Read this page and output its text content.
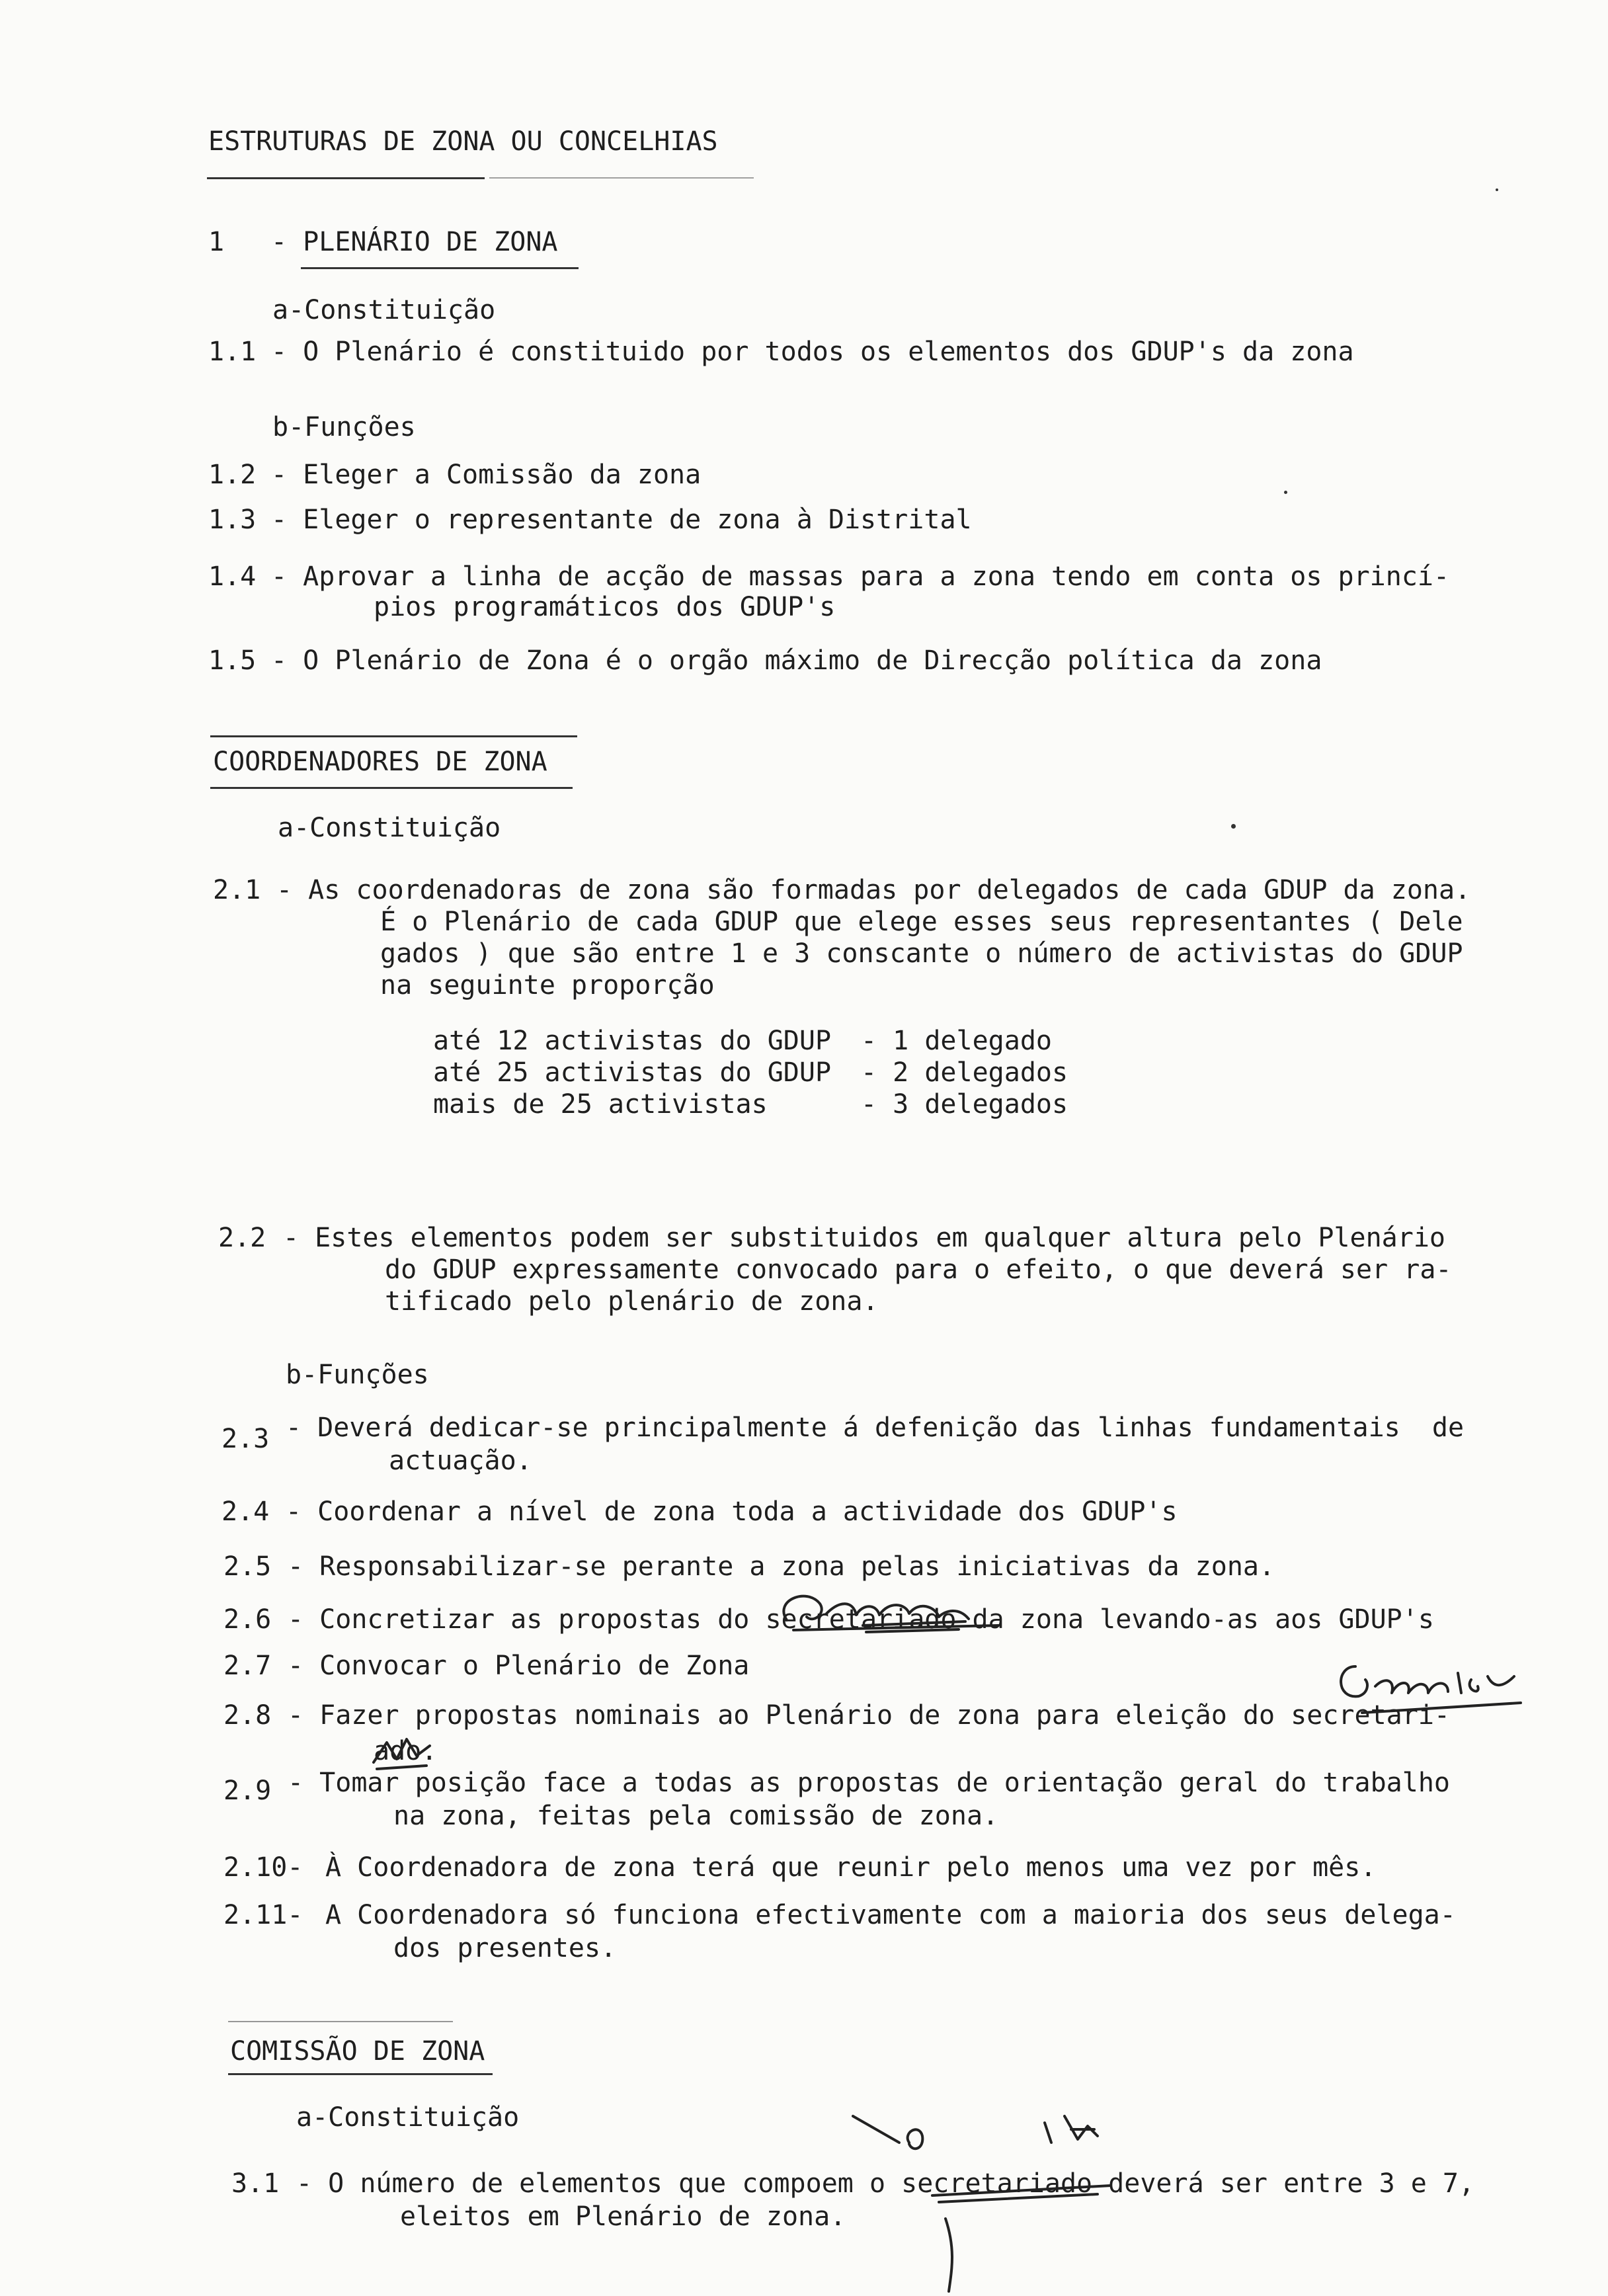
ESTRUTURAS DE ZONA OU CONCELHIAS
1 - PLENÁRIO DE ZONA
a-Constituição
1.1 - O Plenário é constituido por todos os elementos dos GDUP's da zona
b-Funções
1.2 - Eleger a Comissão da zona
1.3 - Eleger o representante de zona à Distrital
1.4 - Aprovar a linha de acção de massas para a zona tendo em conta os princí-
pios programáticos dos GDUP's
1.5 - O Plenário de Zona é o orgão máximo de Direcção política da zona
COORDENADORES DE ZONA
a-Constituição
2.1 - As coordenadoras de zona são formadas por delegados de cada GDUP da zona.
É o Plenário de cada GDUP que elege esses seus representantes ( Dele
gados ) que são entre 1 e 3 conscante o número de activistas do GDUP
na seguinte proporção
até 12 activistas do GDUP - 1 delegado
até 25 activistas do GDUP - 2 delegados
mais de 25 activistas	- 3 delegados
2.2 - Estes elementos podem ser substituidos em qualquer altura pelo Plenário
do GDUP expressamente convocado para o efeito, o que deverá ser ra-
tificado pelo plenário de zona.
b-Funções
2.3 - Deverá dedicar-se principalmente á defenição das linhas fundamentais  de
actuação.
2.4 - Coordenar a nível de zona toda a actividade dos GDUP's
2.5 - Responsabilizar-se perante a zona pelas iniciativas da zona.
2.6 - Concretizar as propostas do secretariado da zona levando-as aos GDUP's
2.7 - Convocar o Plenário de Zona
2.8 - Fazer propostas nominais ao Plenário de zona para eleição do secretari-
ado.
2.9 - Tomar posição face a todas as propostas de orientação geral do trabalho
na zona, feitas pela comissão de zona.
2.10- À Coordenadora de zona terá que reunir pelo menos uma vez por mês.
2.11- A Coordenadora só funciona efectivamente com a maioria dos seus delega-
dos presentes.
COMISSÃO DE ZONA
a-Constituição
3.1 - O número de elementos que compoem o secretariado deverá ser entre 3 e 7,
eleitos em Plenário de zona.
